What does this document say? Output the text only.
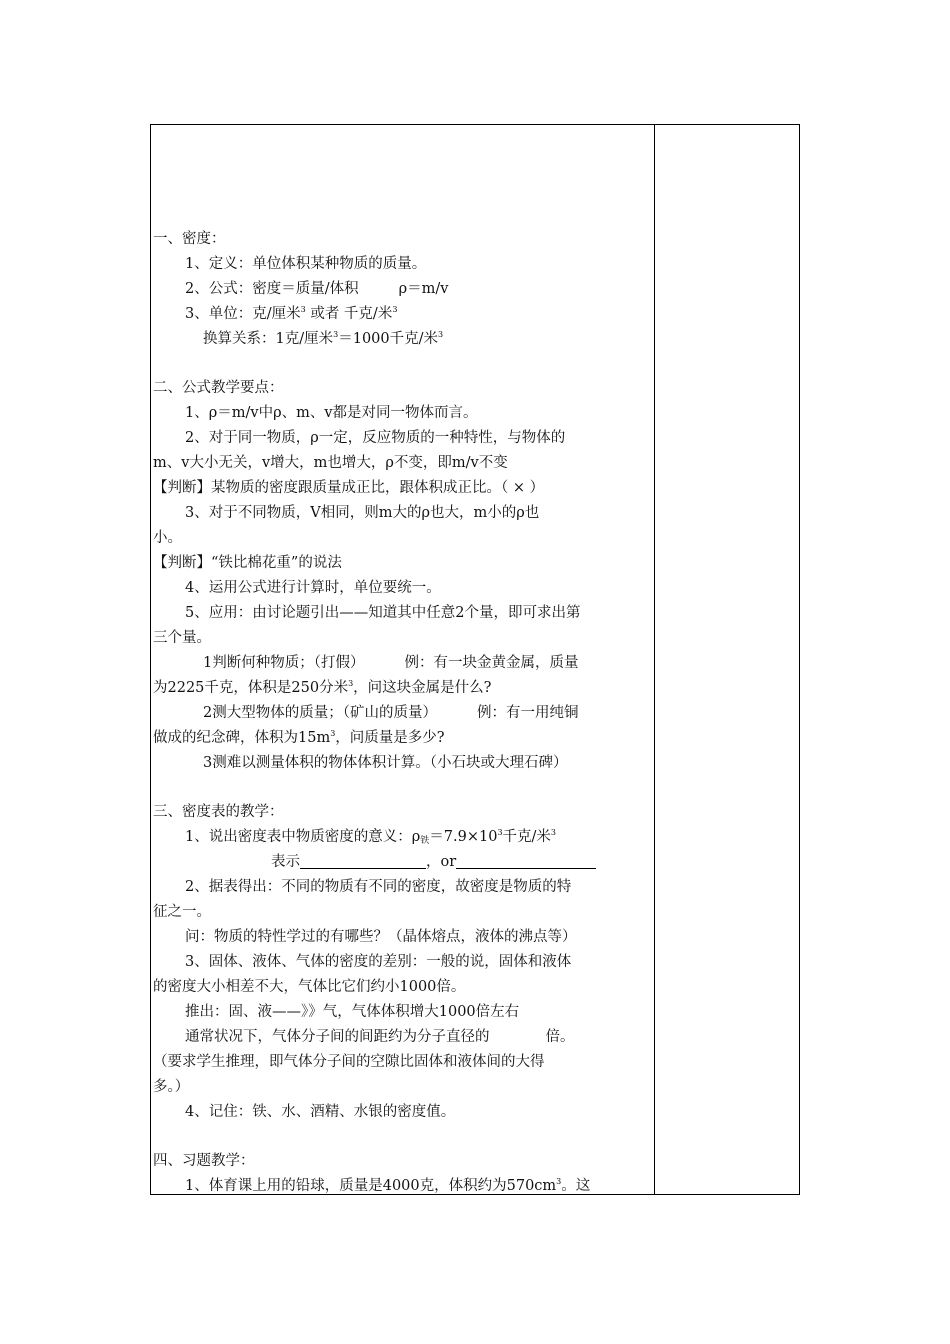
一、密度：
1、定义：单位体积某种物质的质量。
2、公式：密度＝质量/体积	ρ＝m/v
3、单位：克/厘米$^3$ 或者 千克/米$^3$
换算关系：1克/厘米$^3$＝1000千克/米$^3$
二、公式教学要点：
1、ρ＝m/v中ρ、m、v都是对同一物体而言。
2、对于同一物质，ρ一定，反应物质的一种特性，与物体的
m、v大小无关，v增大，m也增大，ρ不变，即m/v不变
【判断】某物质的密度跟质量成正比，跟体积成正比。（ × ）
3、对于不同物质，V相同，则m大的ρ也大，m小的ρ也
小。
【判断】“铁比棉花重”的说法
4、运用公式进行计算时，单位要统一。
5、应用：由讨论题引出——知道其中任意2个量，即可求出第
三个量。
1判断何种物质；（打假）	例：有一块金黄金属，质量
为2225千克，体积是250分米$^3$，问这块金属是什么?
2测大型物体的质量；（矿山的质量）	例：有一用纯铜
做成的纪念碑，体积为$15m^3$，问质量是多少?
3测难以测量体积的物体体积计算。（小石块或大理石碑）
三、密度表的教学：
1、说出密度表中物质密度的意义：$\rho_铁=7.9\times 10^3$千克/米$^3$
表示	，or
2、据表得出：不同的物质有不同的密度，故密度是物质的特
征之一。
问：物质的特性学过的有哪些？（晶体熔点，液体的沸点等）
3、固体、液体、气体的密度的差别：一般的说，固体和液体
的密度大小相差不大，气体比它们约小1000倍。
推出：固、液——》》气，气体体积增大1000倍左右
通常状况下，气体分子间的间距约为分子直径的	倍。
（要求学生推理，即气体分子间的空隙比固体和液体间的大得
多。）
4、记住：铁、水、酒精、水银的密度值。
四、习题教学：
1、体育课上用的铅球，质量是4000克，体积约为$570cm^3$。这
